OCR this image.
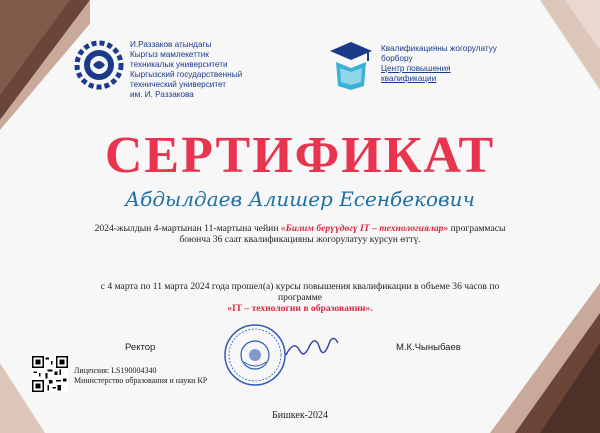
И.Раззаков атындагы
Кыргыз мамлекеттик
техникалык университети
Кыргызский государственный
технический университет
им. И. Раззакова
Квалификацияны жогорулатуу
борбору
Центр повышения
квалификации
СЕРТИФИКАТ
Абдылдаев Алишер Есенбекович
2024-жылдын 4-мартынан 11-мартына чейин «Билим берүүдөгү IT – технологиялар» программасы боюнча 36 саат квалификацияны жогорулатуу курсун өттү.
с 4 марта по 11 марта 2024 года прошел(а) курсы повышения квалификации в объеме 36 часов по программе
«IT – технологии в образовании».
Ректор	М.К.Чыныбаев
Лицензия: LS190004340
Министерство образования и науки КР
Бишкек-2024
